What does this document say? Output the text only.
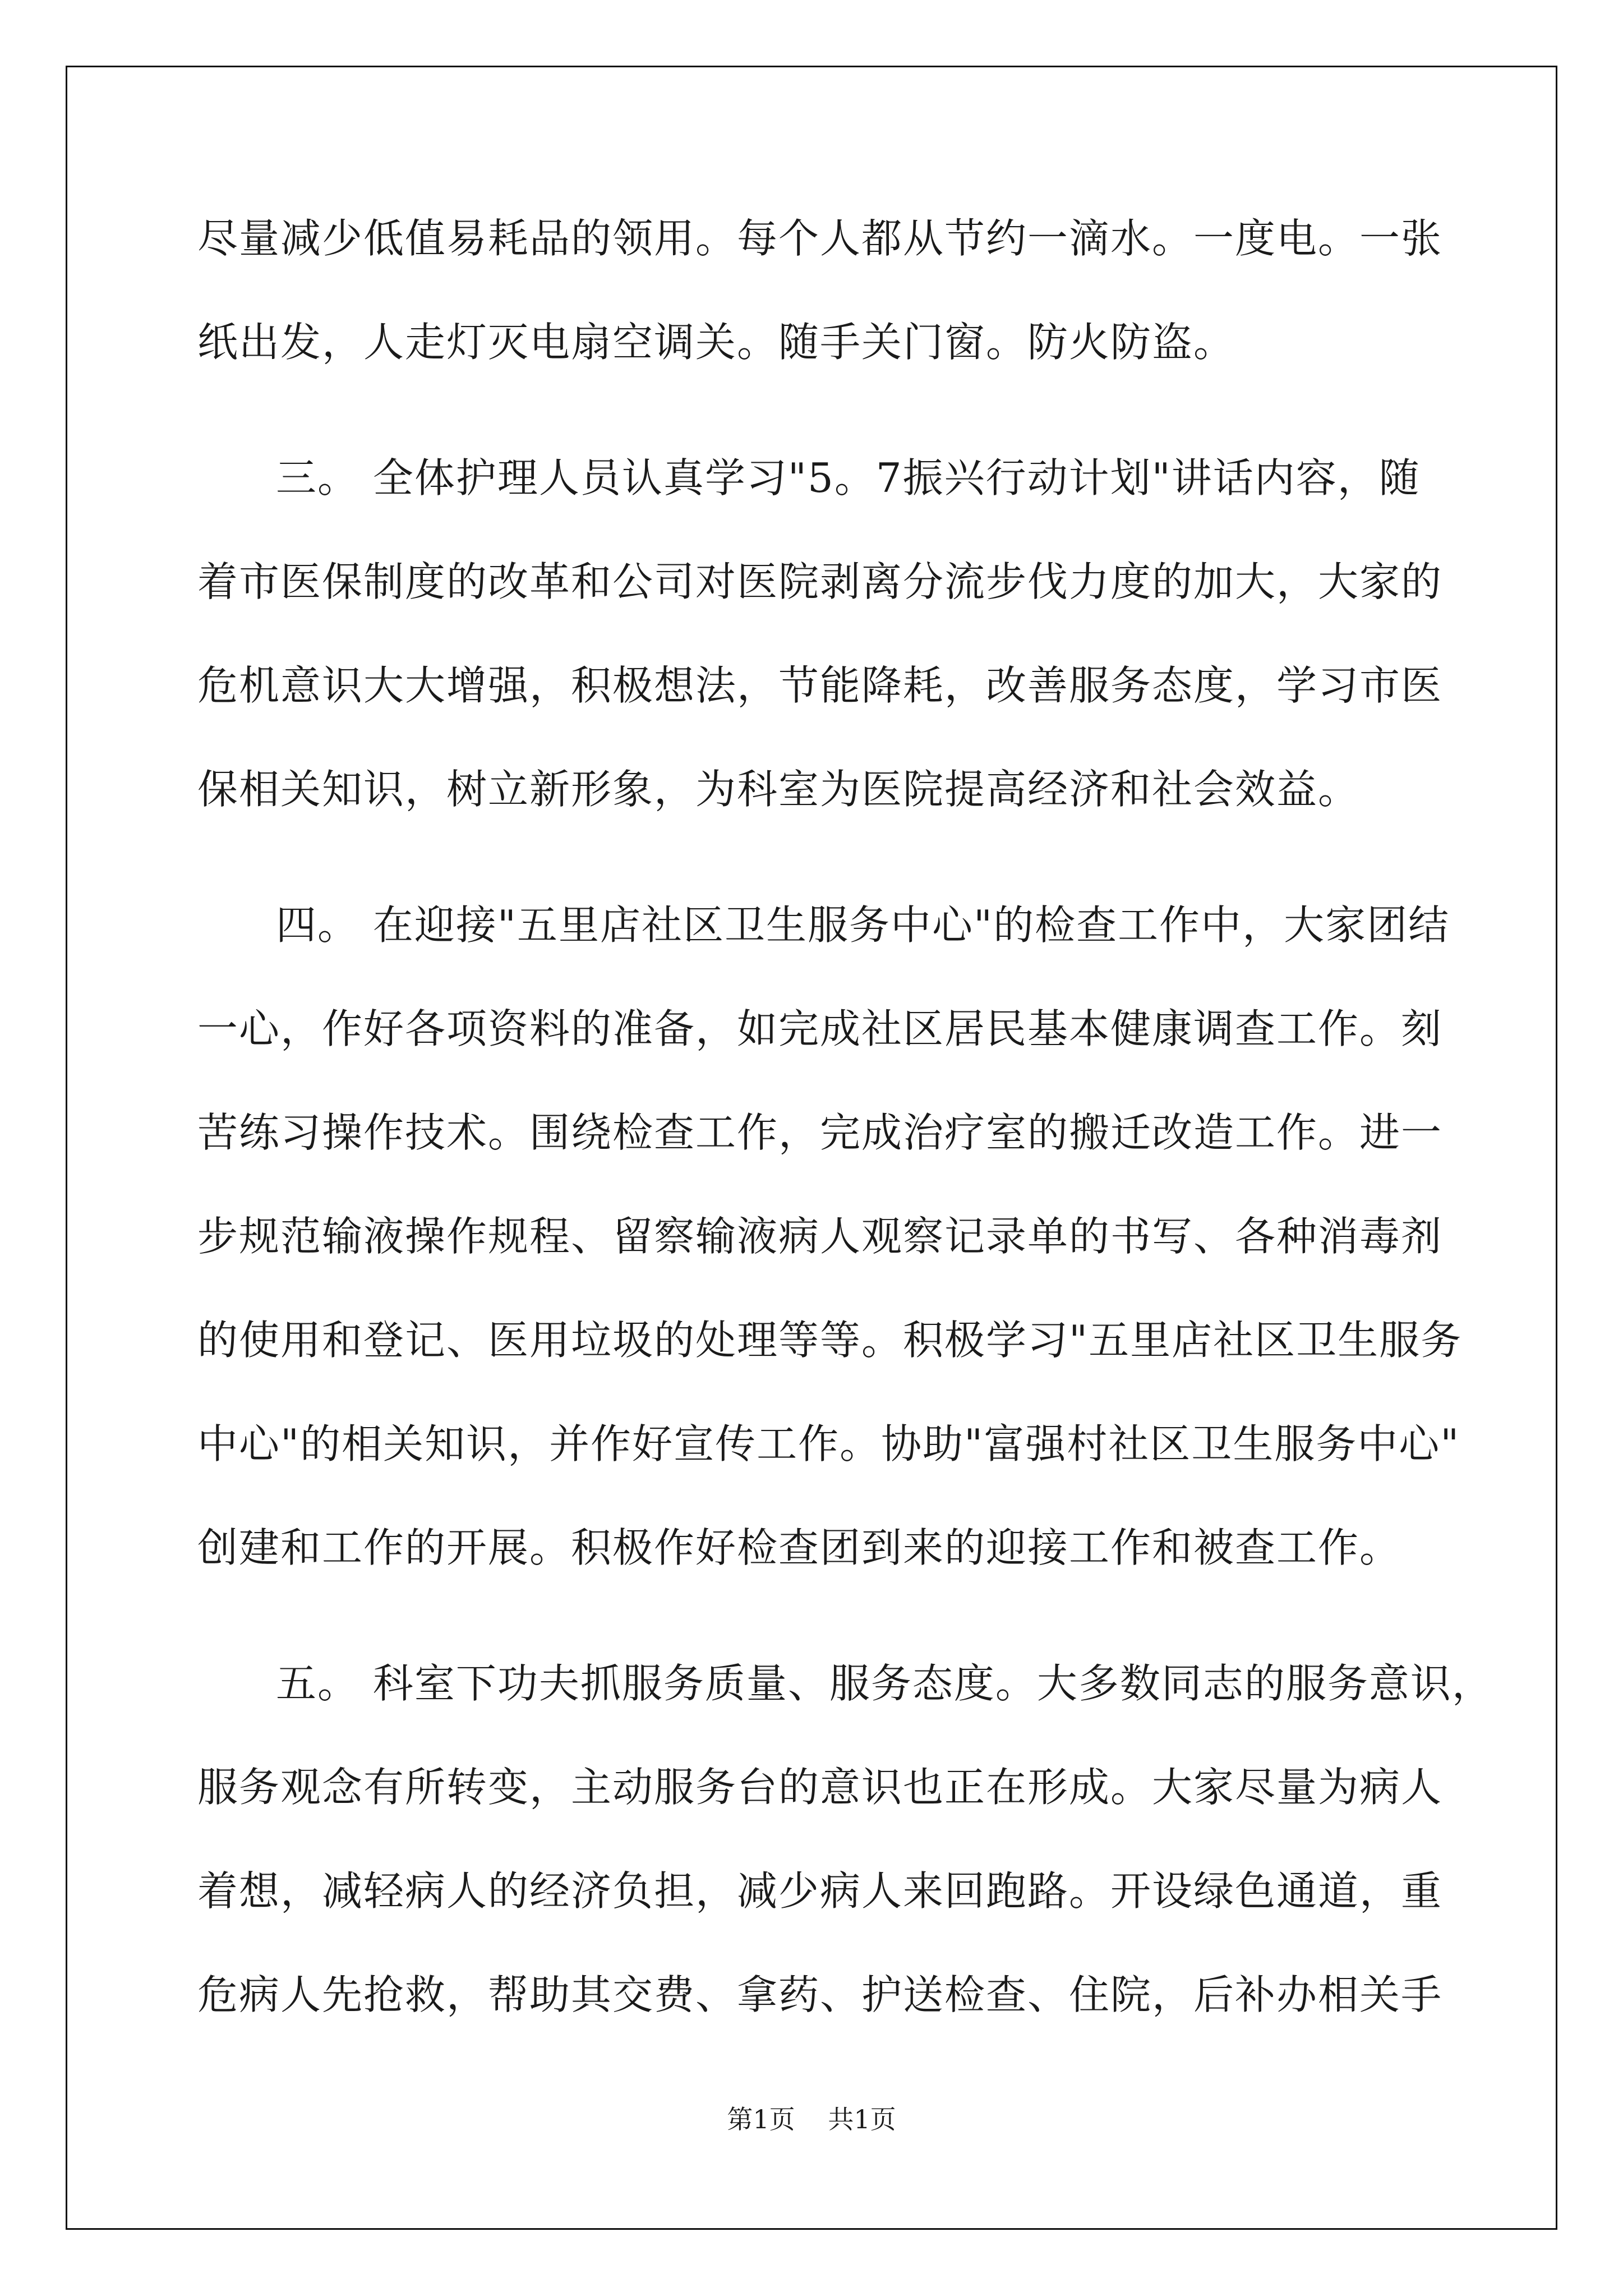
尽量减少低值易耗品的领用。每个人都从节约一滴水。一度电。一张
纸出发，人走灯灭电扇空调关。随手关门窗。防火防盗。
三。 全体护理人员认真学习"5。7振兴行动计划"讲话内容，随
着市医保制度的改革和公司对医院剥离分流步伐力度的加大，大家的
危机意识大大增强，积极想法，节能降耗，改善服务态度，学习市医
保相关知识，树立新形象，为科室为医院提高经济和社会效益。
四。 在迎接"五里店社区卫生服务中心"的检查工作中，大家团结
一心，作好各项资料的准备，如完成社区居民基本健康调查工作。刻
苦练习操作技术。围绕检查工作，完成治疗室的搬迁改造工作。进一
步规范输液操作规程、留察输液病人观察记录单的书写、各种消毒剂
的使用和登记、医用垃圾的处理等等。积极学习"五里店社区卫生服务
中心"的相关知识，并作好宣传工作。协助"富强村社区卫生服务中心"
创建和工作的开展。积极作好检查团到来的迎接工作和被查工作。
五。 科室下功夫抓服务质量、服务态度。大多数同志的服务意识，
服务观念有所转变，主动服务台的意识也正在形成。大家尽量为病人
着想，减轻病人的经济负担，减少病人来回跑路。开设绿色通道，重
危病人先抢救，帮助其交费、拿药、护送检查、住院，后补办相关手
第1页 共1页
